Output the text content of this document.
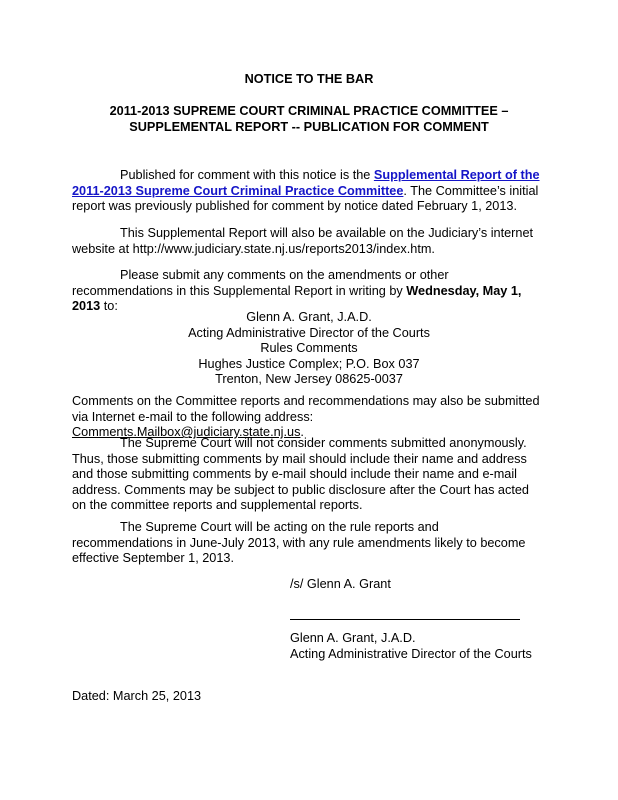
NOTICE TO THE BAR
2011-2013 SUPREME COURT CRIMINAL PRACTICE COMMITTEE –
SUPPLEMENTAL REPORT -- PUBLICATION FOR COMMENT
Published for comment with this notice is the Supplemental Report of the 2011-2013 Supreme Court Criminal Practice Committee. The Committee’s initial report was previously published for comment by notice dated February 1, 2013.
This Supplemental Report will also be available on the Judiciary’s internet website at http://www.judiciary.state.nj.us/reports2013/index.htm.
Please submit any comments on the amendments or other recommendations in this Supplemental Report in writing by Wednesday, May 1, 2013 to:
Glenn A. Grant, J.A.D.
Acting Administrative Director of the Courts
Rules Comments
Hughes Justice Complex; P.O. Box 037
Trenton, New Jersey 08625-0037
Comments on the Committee reports and recommendations may also be submitted via Internet e-mail to the following address: Comments.Mailbox@judiciary.state.nj.us.
The Supreme Court will not consider comments submitted anonymously. Thus, those submitting comments by mail should include their name and address and those submitting comments by e-mail should include their name and e-mail address. Comments may be subject to public disclosure after the Court has acted on the committee reports and supplemental reports.
The Supreme Court will be acting on the rule reports and recommendations in June-July 2013, with any rule amendments likely to become effective September 1, 2013.
/s/ Glenn A. Grant
Glenn A. Grant, J.A.D.
Acting Administrative Director of the Courts
Dated: March 25, 2013
